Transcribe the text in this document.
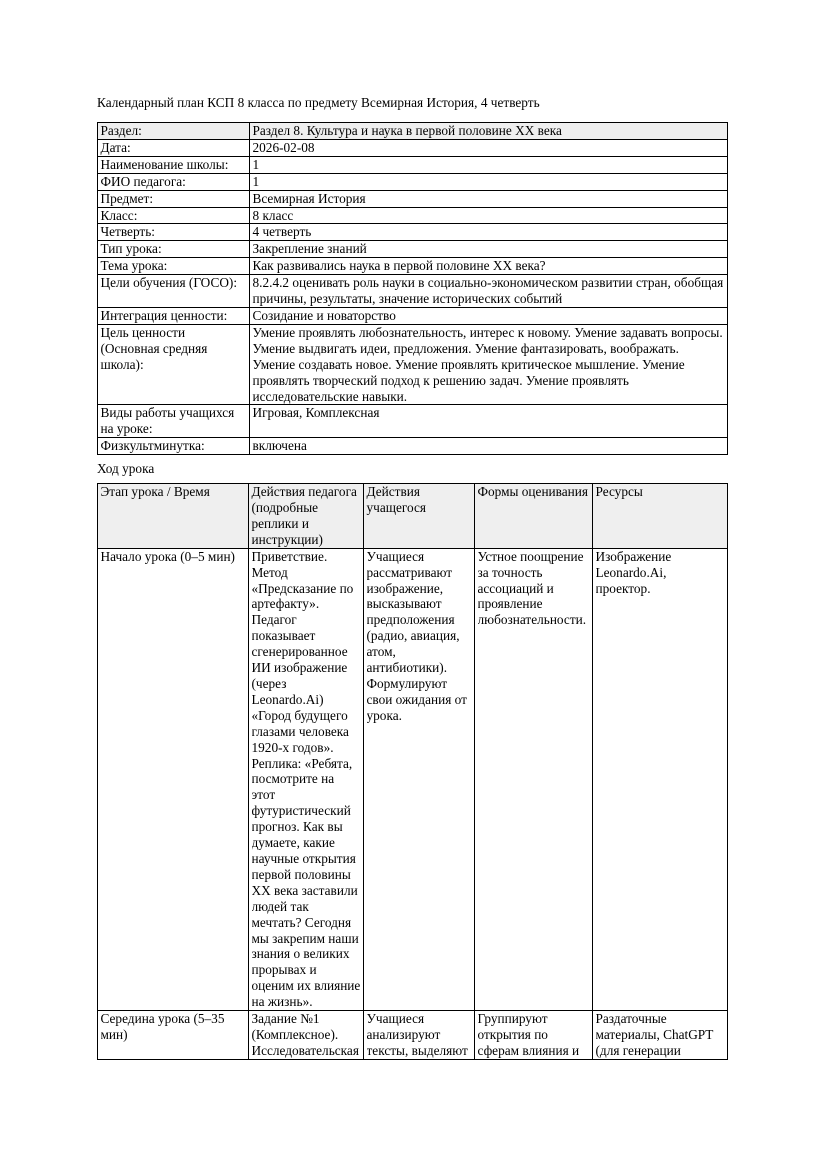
Календарный план КСП 8 класса по предмету Всемирная История, 4 четверть

Раздел:	Раздел 8. Культура и наука в первой половине XX века
Дата:	2026-02-08
Наименование школы:	1
ФИО педагога:	1
Предмет:	Всемирная История
Класс:	8 класс
Четверть:	4 четверть
Тип урока:	Закрепление знаний
Тема урока:	Как развивались наука в первой половине XX века?
Цели обучения (ГОСО):	8.2.4.2 оценивать роль науки в социально-экономическом развитии стран, обобщая причины, результаты, значение исторических событий
Интеграция ценности:	Созидание и новаторство
Цель ценности (Основная средняя школа):	Умение проявлять любознательность, интерес к новому. Умение задавать вопросы. Умение выдвигать идеи, предложения. Умение фантазировать, воображать. Умение создавать новое. Умение проявлять критическое мышление. Умение проявлять творческий подход к решению задач. Умение проявлять исследовательские навыки.
Виды работы учащихся на уроке:	Игровая, Комплексная
Физкультминутка:	включена

Ход урока

Этап урока / Время	Действия педагога (подробные реплики и инструкции)	Действия учащегося	Формы оценивания	Ресурсы

Начало урока (0–5 мин)	Приветствие. Метод «Предсказание по артефакту». Педагог показывает сгенерированное ИИ изображение (через Leonardo.Ai) «Город будущего глазами человека 1920-х годов». Реплика: «Ребята, посмотрите на этот футуристический прогноз. Как вы думаете, какие научные открытия первой половины XX века заставили людей так мечтать? Сегодня мы закрепим наши знания о великих прорывах и оценим их влияние на жизнь».	Учащиеся рассматривают изображение, высказывают предположения (радио, авиация, атом, антибиотики). Формулируют свои ожидания от урока.	Устное поощрение за точность ассоциаций и проявление любознательности.	Изображение Leonardo.Ai, проектор.

Середина урока (5–35 мин)	Задание №1 (Комплексное). Исследовательская	Учащиеся анализируют тексты, выделяют	Группируют открытия по сферам влияния и	Раздаточные материалы, ChatGPT (для генерации
